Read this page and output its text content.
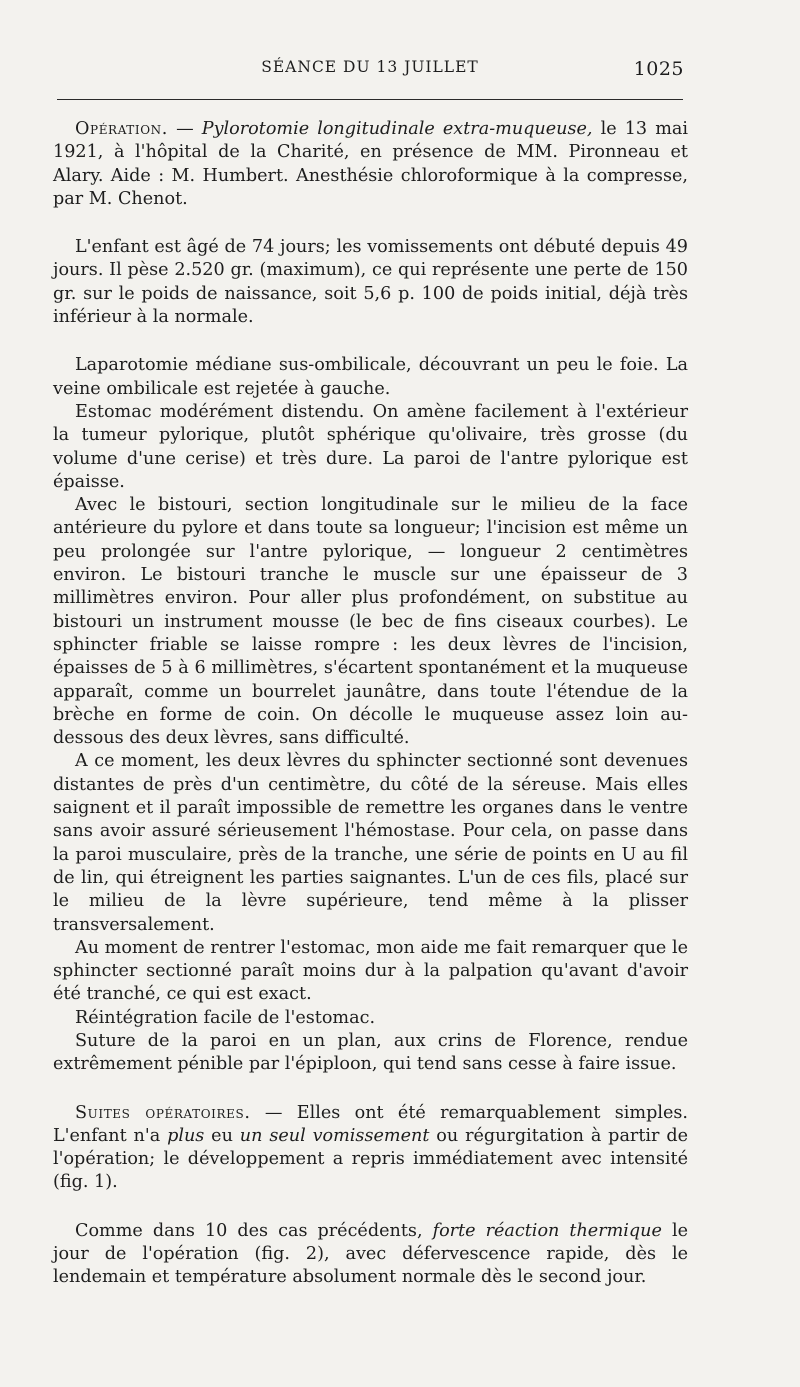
SÉANCE DU 13 JUILLET	1025

Opération. — Pylorotomie longitudinale extra-muqueuse, le 13 mai 1921, à l'hôpital de la Charité, en présence de MM. Pironneau et Alary. Aide : M. Humbert. Anesthésie chloroformique à la compresse, par M. Chenot.

L'enfant est âgé de 74 jours; les vomissements ont débuté depuis 49 jours. Il pèse 2.520 gr. (maximum), ce qui représente une perte de 150 gr. sur le poids de naissance, soit 5,6 p. 100 de poids initial, déjà très inférieur à la normale.

Laparotomie médiane sus-ombilicale, découvrant un peu le foie. La veine ombilicale est rejetée à gauche.

Estomac modérément distendu. On amène facilement à l'extérieur la tumeur pylorique, plutôt sphérique qu'olivaire, très grosse (du volume d'une cerise) et très dure. La paroi de l'antre pylorique est épaisse.

Avec le bistouri, section longitudinale sur le milieu de la face antérieure du pylore et dans toute sa longueur; l'incision est même un peu prolongée sur l'antre pylorique, — longueur 2 centimètres environ. Le bistouri tranche le muscle sur une épaisseur de 3 millimètres environ. Pour aller plus profondément, on substitue au bistouri un instrument mousse (le bec de fins ciseaux courbes). Le sphincter friable se laisse rompre : les deux lèvres de l'incision, épaisses de 5 à 6 millimètres, s'écartent spontanément et la muqueuse apparaît, comme un bourrelet jaunâtre, dans toute l'étendue de la brèche en forme de coin. On décolle le muqueuse assez loin au-dessous des deux lèvres, sans difficulté.

A ce moment, les deux lèvres du sphincter sectionné sont devenues distantes de près d'un centimètre, du côté de la séreuse. Mais elles saignent et il paraît impossible de remettre les organes dans le ventre sans avoir assuré sérieusement l'hémostase. Pour cela, on passe dans la paroi musculaire, près de la tranche, une série de points en U au fil de lin, qui étreignent les parties saignantes. L'un de ces fils, placé sur le milieu de la lèvre supérieure, tend même à la plisser transversalement.

Au moment de rentrer l'estomac, mon aide me fait remarquer que le sphincter sectionné paraît moins dur à la palpation qu'avant d'avoir été tranché, ce qui est exact.

Réintégration facile de l'estomac.

Suture de la paroi en un plan, aux crins de Florence, rendue extrêmement pénible par l'épiploon, qui tend sans cesse à faire issue.

Suites opératoires. — Elles ont été remarquablement simples. L'enfant n'a plus eu un seul vomissement ou régurgitation à partir de l'opération; le développement a repris immédiatement avec intensité (fig. 1).

Comme dans 10 des cas précédents, forte réaction thermique le jour de l'opération (fig. 2), avec défervescence rapide, dès le lendemain et température absolument normale dès le second jour.
